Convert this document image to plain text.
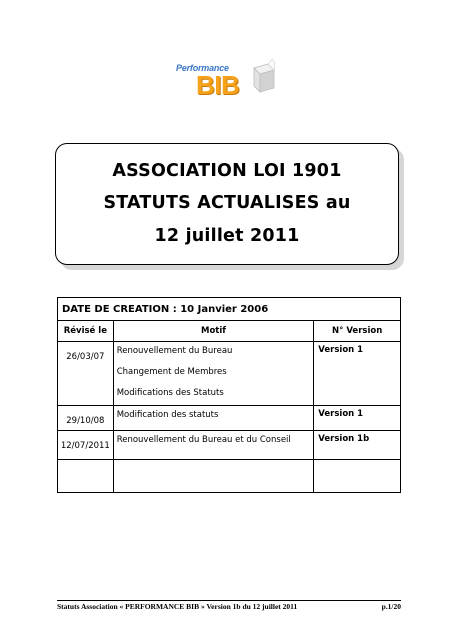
Performance
BIB
ASSOCIATION LOI 1901
STATUTS ACTUALISES au
12 juillet 2011
DATE DE CREATION : 10 Janvier 2006		
Révisé le	Motif	N° Version

26/03/07	Renouvellement du Bureau
Changement de Membres
Modifications des Statuts	Version 1

29/10/08	Modification des statuts	Version 1

12/07/2011	Renouvellement du Bureau et du Conseil	Version 1b

Statuts Association « PERFORMANCE BIB » Version 1b du 12 juillet 2011	p.1/20
